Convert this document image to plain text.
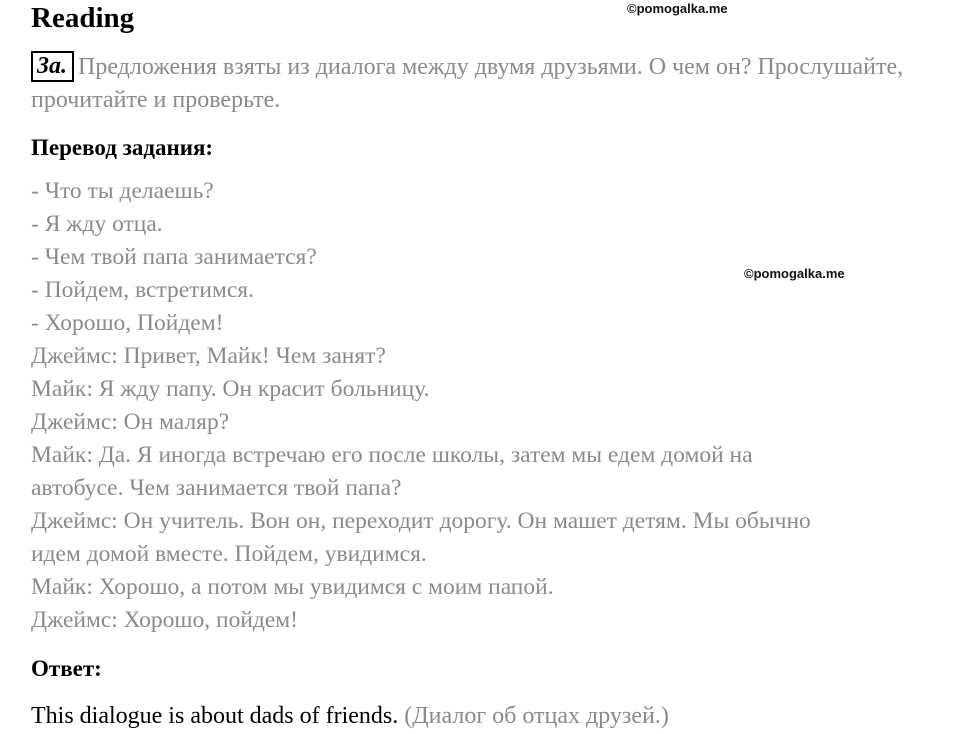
Reading	©pomogalka.me
©pomogalka.me
3a. Предложения взяты из диалога между двумя друзьями. О чем он? Прослушайте, прочитайте и проверьте.
Перевод задания:
- Что ты делаешь?
- Я жду отца.
- Чем твой папа занимается?
- Пойдем, встретимся.
- Хорошо, Пойдем!
Джеймс: Привет, Майк! Чем занят?
Майк: Я жду папу. Он красит больницу.
Джеймс: Он маляр?
Майк: Да. Я иногда встречаю его после школы, затем мы едем домой на
автобусе. Чем занимается твой папа?
Джеймс: Он учитель. Вон он, переходит дорогу. Он машет детям. Мы обычно
идем домой вместе. Пойдем, увидимся.
Майк: Хорошо, а потом мы увидимся с моим папой.
Джеймс: Хорошо, пойдем!
Ответ:
This dialogue is about dads of friends. (Диалог об отцах друзей.)
